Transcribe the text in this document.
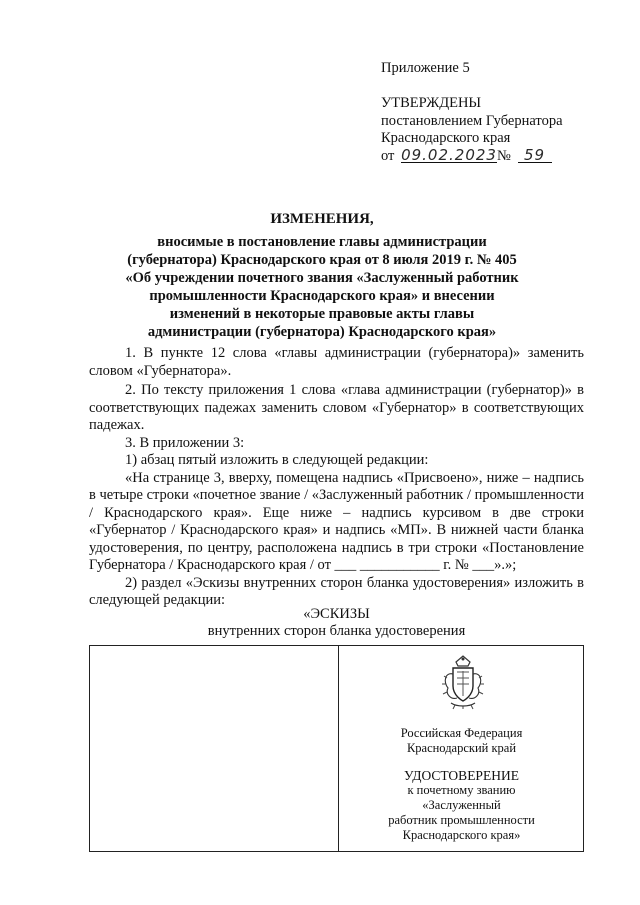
Приложение 5
УТВЕРЖДЕНЫ
постановлением Губернатора
Краснодарского края
от 09.02.2023№ 59
ИЗМЕНЕНИЯ,
вносимые в постановление главы администрации
(губернатора) Краснодарского края от 8 июля 2019 г. № 405
«Об учреждении почетного звания «Заслуженный работник
промышленности Краснодарского края» и внесении
изменений в некоторые правовые акты главы
администрации (губернатора) Краснодарского края»

1. В пункте 12 слова «главы администрации (губернатора)» заменить словом «Губернатора».

2. По тексту приложения 1 слова «глава администрации (губернатор)» в соответствующих падежах заменить словом «Губернатор» в соответствующих падежах.

3. В приложении 3:

1) абзац пятый изложить в следующей редакции:

«На странице 3, вверху, помещена надпись «Присвоено», ниже – надпись в четыре строки «почетное звание / «Заслуженный работник / промышленности / Краснодарского края». Еще ниже – надпись курсивом в две строки «Губернатор / Краснодарского края» и надпись «МП». В нижней части бланка удостоверения, по центру, расположена надпись в три строки «Постановление Губернатора / Краснодарского края / от ___ ___________ г. № ___».»;

2) раздел «Эскизы внутренних сторон бланка удостоверения» изложить в следующей редакции:

«ЭСКИЗЫ
внутренних сторон бланка удостоверения
Российская Федерация
Краснодарский край
УДОСТОВЕРЕНИЕ
к почетному званию
«Заслуженный
работник промышленности
Краснодарского края»
